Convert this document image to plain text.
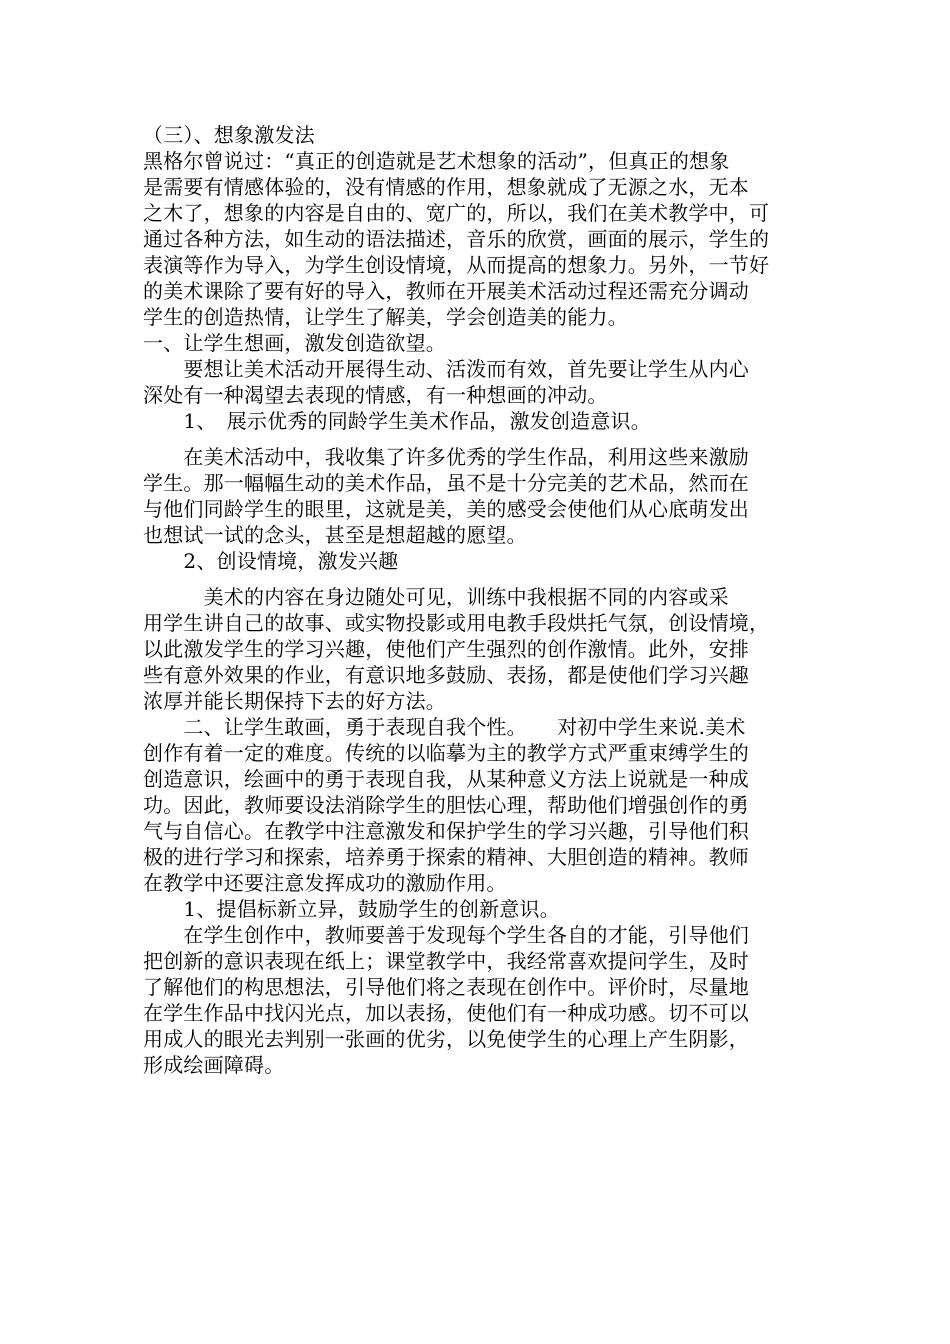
（三）、想象激发法
黑格尔曾说过：“真正的创造就是艺术想象的活动”，但真正的想象
是需要有情感体验的，没有情感的作用，想象就成了无源之水，无本
之木了，想象的内容是自由的、宽广的，所以，我们在美术教学中，可
通过各种方法，如生动的语法描述，音乐的欣赏，画面的展示，学生的
表演等作为导入，为学生创设情境，从而提高的想象力。另外，一节好
的美术课除了要有好的导入，教师在开展美术活动过程还需充分调动
学生的创造热情，让学生了解美，学会创造美的能力。
一、让学生想画，激发创造欲望。
　　要想让美术活动开展得生动、活泼而有效，首先要让学生从内心
深处有一种渴望去表现的情感，有一种想画的冲动。
　　1、　展示优秀的同龄学生美术作品，激发创造意识。
　　在美术活动中，我收集了许多优秀的学生作品，利用这些来激励
学生。那一幅幅生动的美术作品，虽不是十分完美的艺术品，然而在
与他们同龄学生的眼里，这就是美，美的感受会使他们从心底萌发出
也想试一试的念头，甚至是想超越的愿望。
　　2、创设情境，激发兴趣
　　　美术的内容在身边随处可见，训练中我根据不同的内容或采
用学生讲自己的故事、或实物投影或用电教手段烘托气氛，创设情境，
以此激发学生的学习兴趣，使他们产生强烈的创作激情。此外，安排
些有意外效果的作业，有意识地多鼓励、表扬，都是使他们学习兴趣
浓厚并能长期保持下去的好方法。
　　二、让学生敢画，勇于表现自我个性。　　对初中学生来说.美术
创作有着一定的难度。传统的以临摹为主的教学方式严重束缚学生的
创造意识，绘画中的勇于表现自我，从某种意义方法上说就是一种成
功。因此，教师要设法消除学生的胆怯心理，帮助他们增强创作的勇
气与自信心。在教学中注意激发和保护学生的学习兴趣，引导他们积
极的进行学习和探索，培养勇于探索的精神、大胆创造的精神。教师
在教学中还要注意发挥成功的激励作用。
　　1、提倡标新立异，鼓励学生的创新意识。
　　在学生创作中，教师要善于发现每个学生各自的才能，引导他们
把创新的意识表现在纸上；课堂教学中，我经常喜欢提问学生，及时
了解他们的构思想法，引导他们将之表现在创作中。评价时，尽量地
在学生作品中找闪光点，加以表扬，使他们有一种成功感。切不可以
用成人的眼光去判别一张画的优劣，以免使学生的心理上产生阴影，
形成绘画障碍。
